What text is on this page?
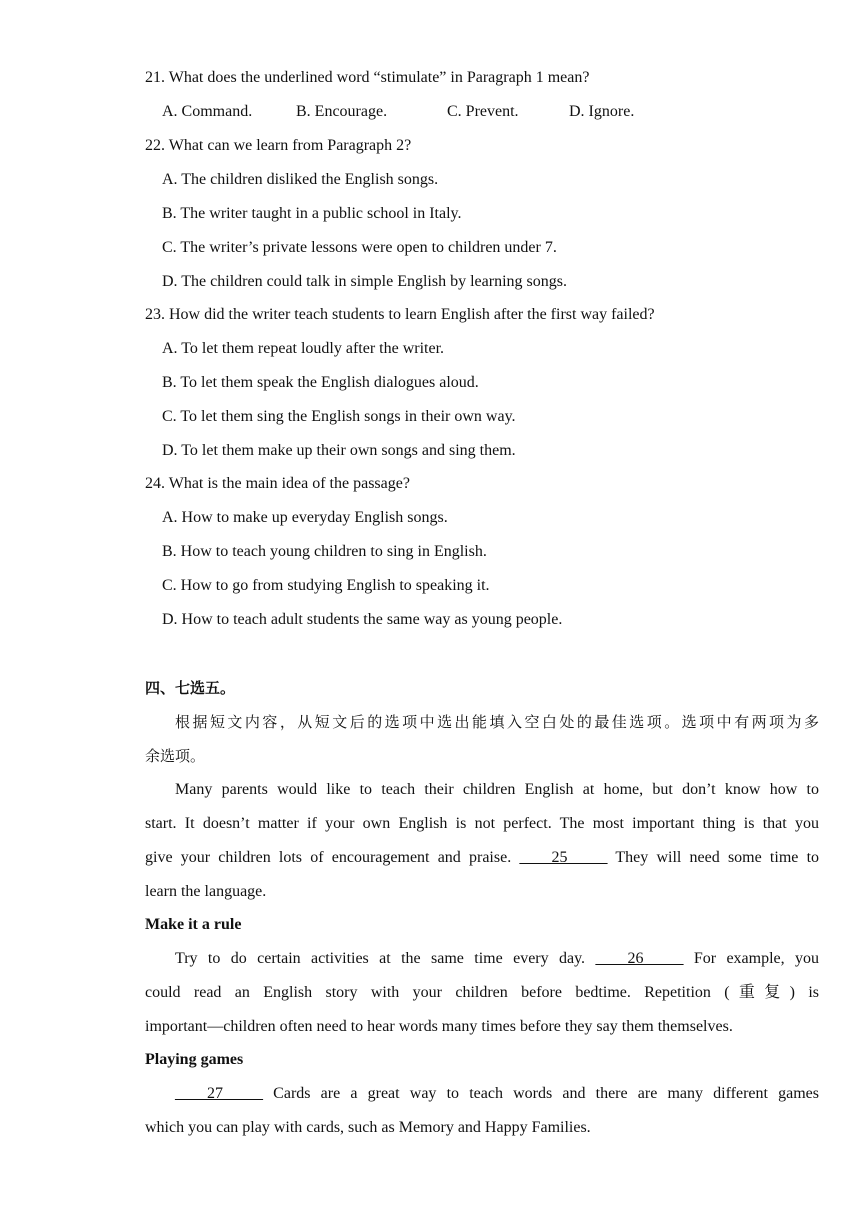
21. What does the underlined word “stimulate” in Paragraph 1 mean?
A. Command.	B. Encourage.	C. Prevent.	D. Ignore.
22. What can we learn from Paragraph 2?
A. The children disliked the English songs.
B. The writer taught in a public school in Italy.
C. The writer’s private lessons were open to children under 7.
D. The children could talk in simple English by learning songs.
23. How did the writer teach students to learn English after the first way failed?
A. To let them repeat loudly after the writer.
B. To let them speak the English dialogues aloud.
C. To let them sing the English songs in their own way.
D. To let them make up their own songs and sing them.
24. What is the main idea of the passage?
A. How to make up everyday English songs.
B. How to teach young children to sing in English.
C. How to go from studying English to speaking it.
D. How to teach adult students the same way as young people.
四、七选五。
根据短文内容，从短文后的选项中选出能填入空白处的最佳选项。选项中有两项为多
余选项。
Many parents would like to teach their children English at home, but don’t know how to
start. It doesn’t matter if your own English is not perfect. The most important thing is that you
give your children lots of encouragement and praise. ____25_____ They will need some time to
learn the language.
Make it a rule
Try to do certain activities at the same time every day. ____26_____ For example, you
could read an English story with your children before bedtime. Repetition (重复) is
important—children often need to hear words many times before they say them themselves.
Playing games
____27_____ Cards are a great way to teach words and there are many different games
which you can play with cards, such as Memory and Happy Families.
